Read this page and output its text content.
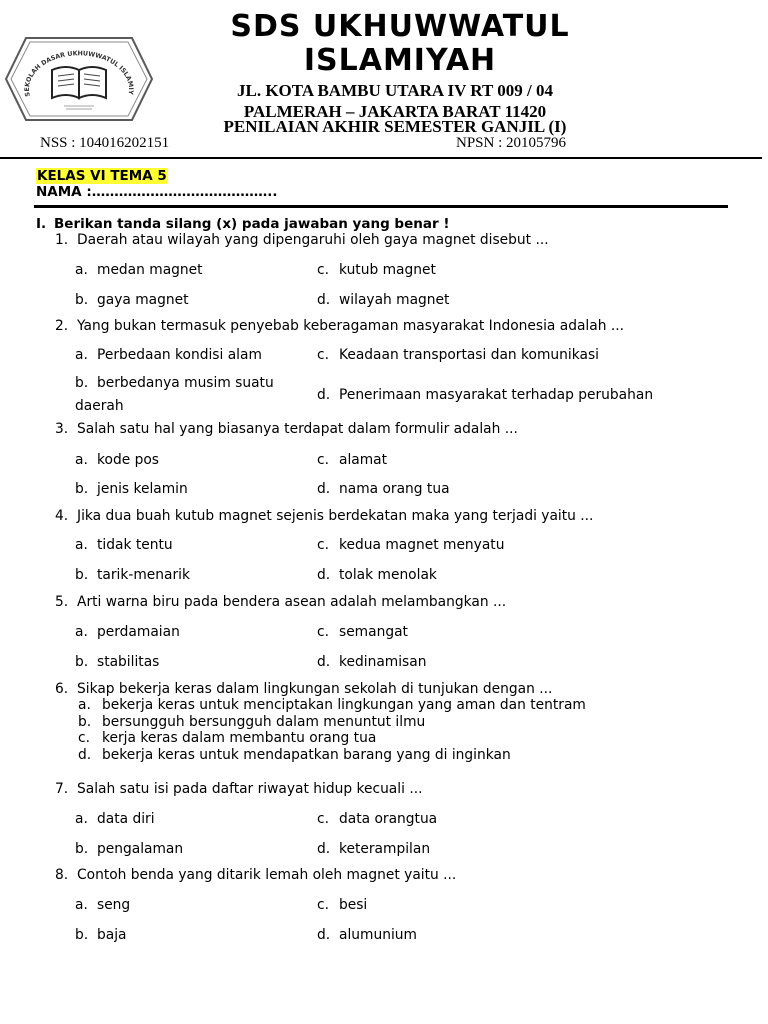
SEKOLAH DASAR UKHUWWATUL ISLAMIY
SDS UKHUWWATUL ISLAMIYAH
JL. KOTA BAMBU UTARA IV RT 009 / 04
PALMERAH – JAKARTA BARAT 11420
PENILAIAN AKHIR SEMESTER GANJIL (I)
NSS : 104016202151	NPSN : 20105796
KELAS VI TEMA 5
NAMA :…………………………………..
I. Berikan tanda silang (x) pada jawaban yang benar !
1. Daerah atau wilayah yang dipengaruhi oleh gaya magnet disebut ...
a. medan magnet
b. gaya magnet
c. kutub magnet
d. wilayah magnet
2. Yang bukan termasuk penyebab keberagaman masyarakat Indonesia adalah ...
a. Perbedaan kondisi alam
b. berbedanya musim suatu
daerah
c. Keadaan transportasi dan komunikasi
d. Penerimaan masyarakat terhadap perubahan
3. Salah satu hal yang biasanya terdapat dalam formulir adalah ...
a. kode pos
b. jenis kelamin
c. alamat
d. nama orang tua
4. Jika dua buah kutub magnet sejenis berdekatan maka yang terjadi yaitu ...
a. tidak tentu
b. tarik-menarik
c. kedua magnet menyatu
d. tolak menolak
5. Arti warna biru pada bendera asean adalah melambangkan ...
a. perdamaian
b. stabilitas
c. semangat
d. kedinamisan
6. Sikap bekerja keras dalam lingkungan sekolah di tunjukan dengan ...
a. bekerja keras untuk menciptakan lingkungan yang aman dan tentram
b. bersungguh bersungguh dalam menuntut ilmu
c. kerja keras dalam membantu orang tua
d. bekerja keras untuk mendapatkan barang yang di inginkan
7. Salah satu isi pada daftar riwayat hidup kecuali ...
a. data diri
b. pengalaman
c. data orangtua
d. keterampilan
8. Contoh benda yang ditarik lemah oleh magnet yaitu ...
a. seng
b. baja
c. besi
d. alumunium
